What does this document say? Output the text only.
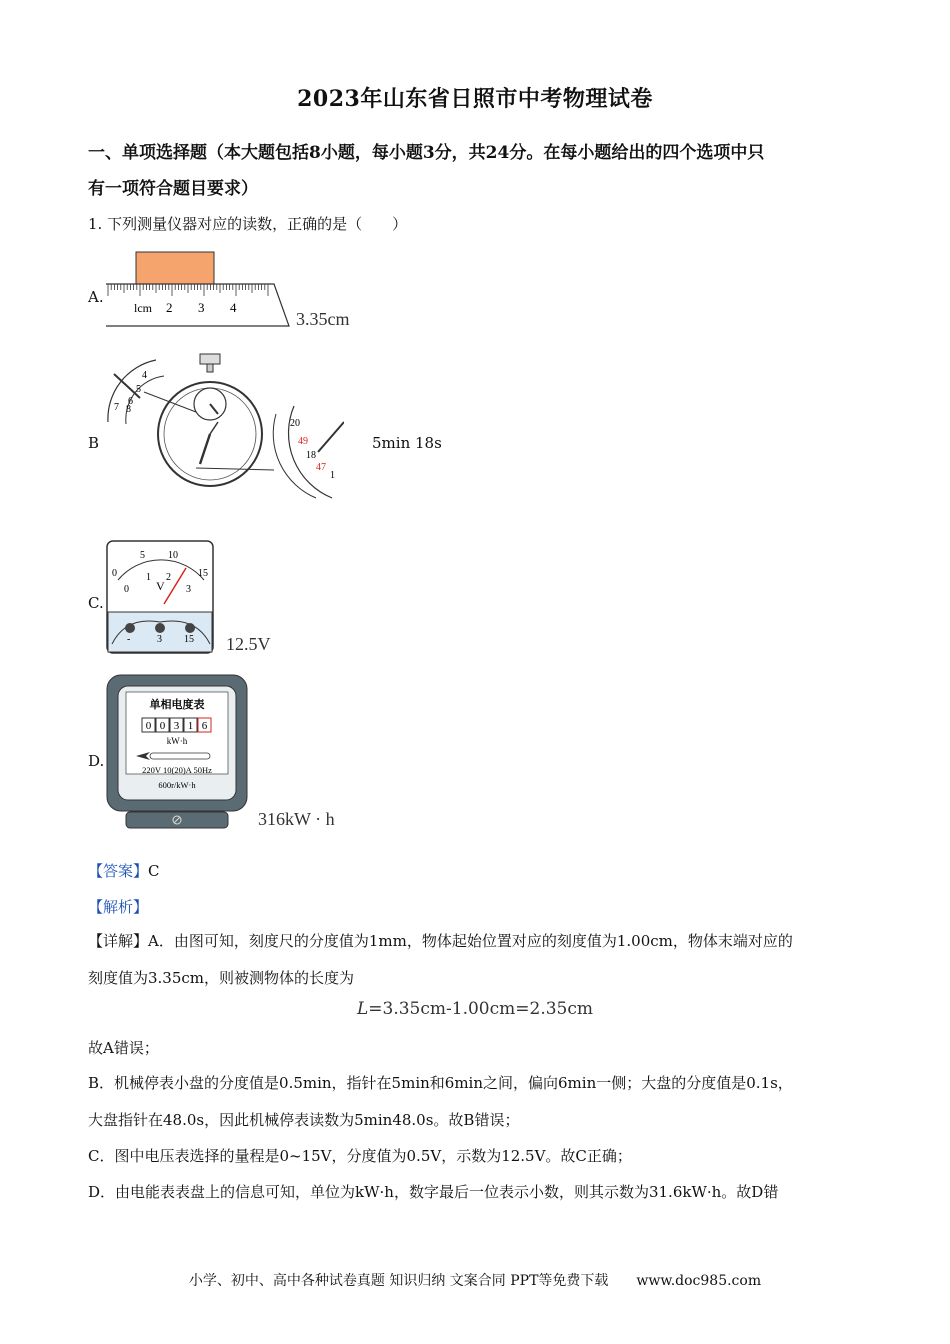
2023年山东省日照市中考物理试卷
一、单项选择题（本大题包括8小题，每小题3分，共24分。在每小题给出的四个选项中只
有一项符合题目要求）
1. 下列测量仪器对应的读数，正确的是（　　）
A.
lcm 2 3 4
3.35cm
B
4
5
6
7 8
20
49
18
47
1
5min 18s
C.
0
5 10
15
0
1 2
3
V
-	3 15 12.5V
D.
单相电度表
0 0 3 1 6
kW·h
220V 10(20)A 50Hz
600r/kW·h
316kW · h
【答案】C
【解析】
【详解】A．由图可知，刻度尺的分度值为1mm，物体起始位置对应的刻度值为1.00cm，物体末端对应的
刻度值为3.35cm，则被测物体的长度为
L=3.35cm-1.00cm=2.35cm
故A错误；
B．机械停表小盘的分度值是0.5min，指针在5min和6min之间，偏向6min一侧；大盘的分度值是0.1s，
大盘指针在48.0s，因此机械停表读数为5min48.0s。故B错误；
C．图中电压表选择的量程是0~15V，分度值为0.5V，示数为12.5V。故C正确；
D．由电能表表盘上的信息可知，单位为kW·h，数字最后一位表示小数，则其示数为31.6kW·h。故D错
小学、初中、高中各种试卷真题 知识归纳 文案合同 PPT等免费下载　　www.doc985.com
